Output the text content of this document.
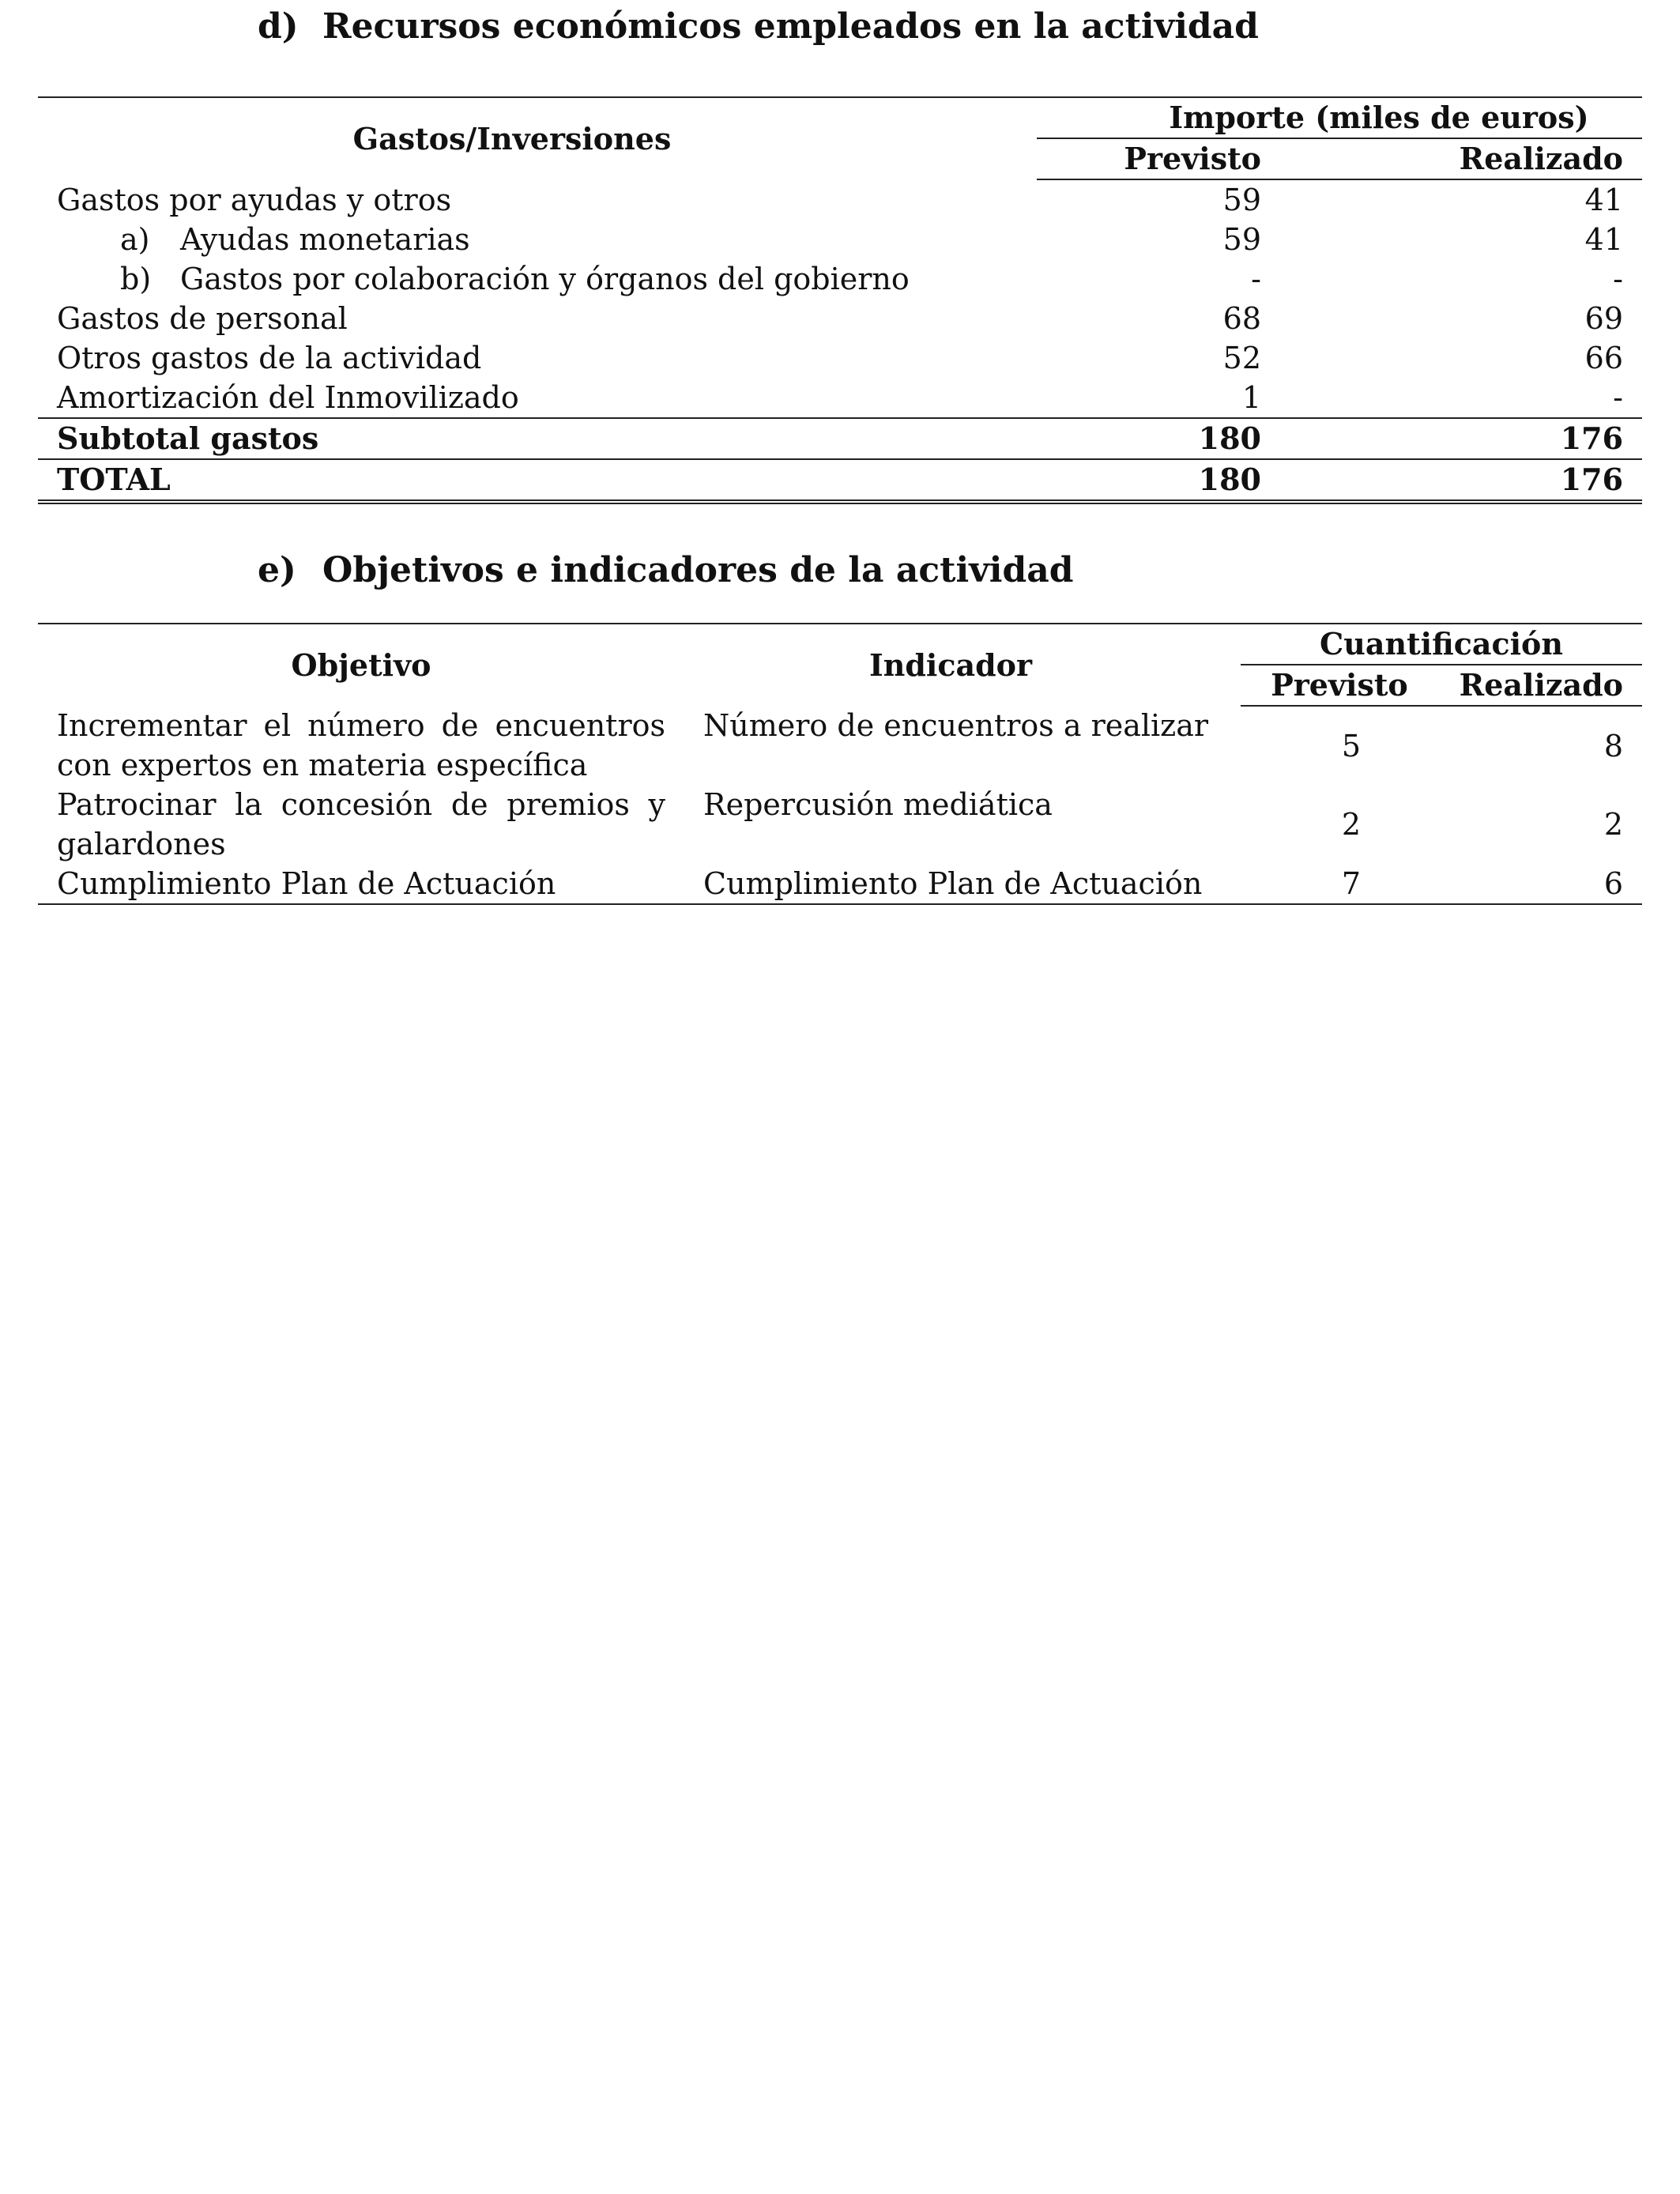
d) Recursos económicos empleados en la actividad
Gastos/Inversiones	Importe (miles de euros)	
	Previsto	Realizado
Gastos por ayudas y otros	59	41
a) Ayudas monetarias	59	41
b) Gastos por colaboración y órganos del gobierno	-	-
Gastos de personal	68	69
Otros gastos de la actividad	52	66
Amortización del Inmovilizado	1	-
Subtotal gastos	180	176
TOTAL	180	176
e) Objetivos e indicadores de la actividad
Objetivo	Indicador	Cuantificación	
		Previsto	Realizado
Incrementar el número de encuentros con expertos en materia específica	Número de encuentros a realizar	5	8
Patrocinar la concesión de premios y galardones	Repercusión mediática	2	2
Cumplimiento Plan de Actuación	Cumplimiento Plan de Actuación	7	6
